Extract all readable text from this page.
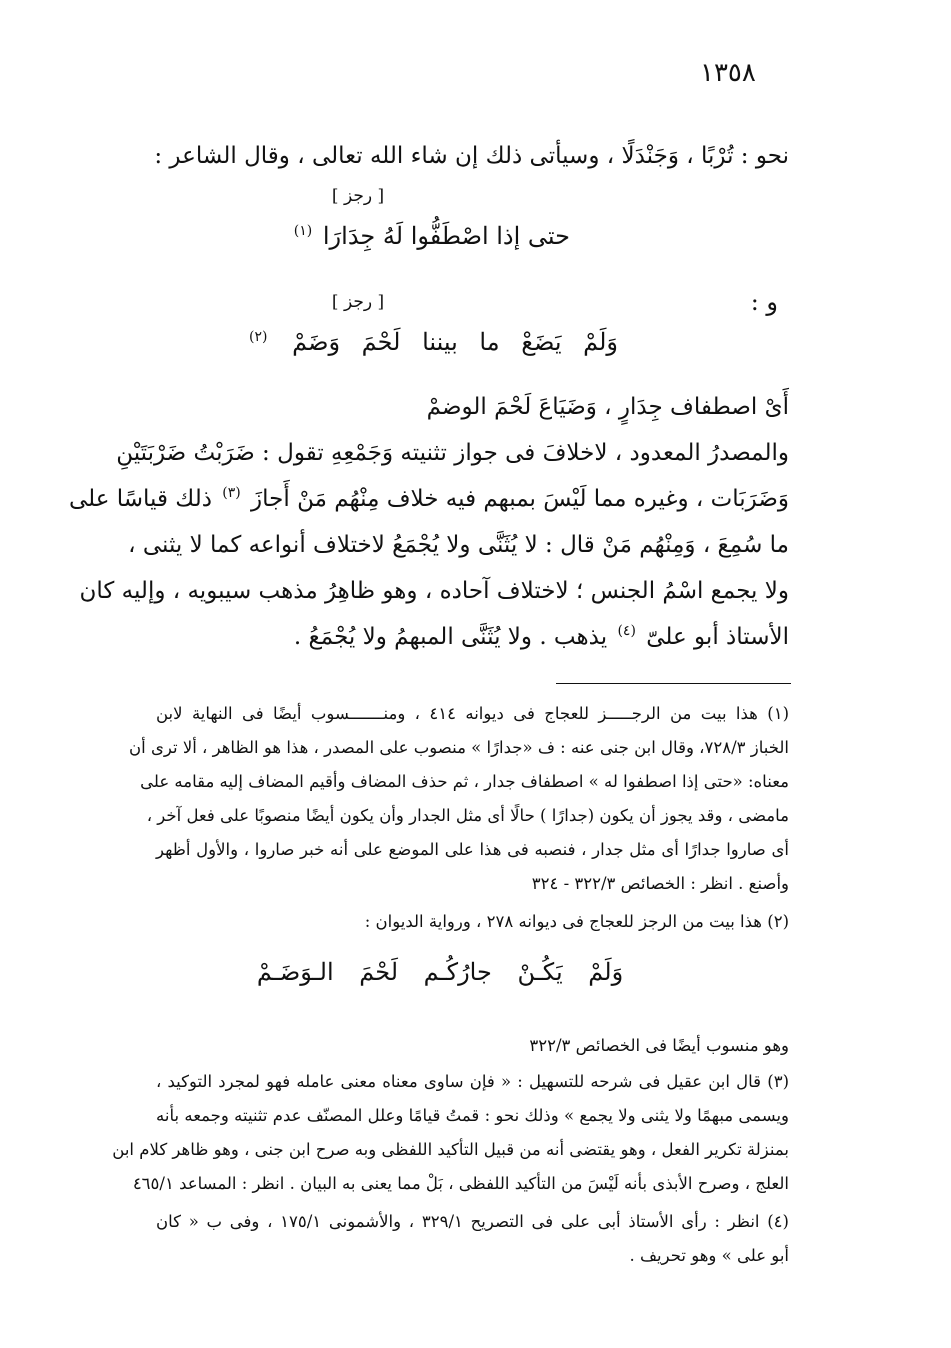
١٣٥٨
نحو : تُرْبًا ، وَجَنْدَلًا ، وسيأتى ذلك إن شاء الله تعالى ، وقال الشاعر :
[ رجز ]
حتى إذا اصْطَفُّوا لَهُ جِدَارَا $^{(١)}$
و :
[ رجز ]
وَلَمْ يَضَعْ ما بيننا لَحْمَ وَضَمْ $^{(٢)}$
أَىْ اصطفاف جِدَارٍ ، وَضَيَاعَ لَحْمَ الوضمْ
والمصدرُ المعدود ، لاخلافَ فى جواز تثنيته وَجَمْعِهِ تقول : ضَرَبْتُ ضَرْبَتَيْنِ
وَضَرَبَات ، وغيره مما لَيْسَ بمبهم فيه خلاف مِنْهُم مَنْ أَجازَ $^{(٣)}$ ذلك قياسًا على
ما سُمِعَ ، وَمِنْهُم مَنْ قال : لا يُثَنَّى ولا يُجْمَعُ لاختلاف أنواعه كما لا يثنى ،
ولا يجمع اسْمُ الجنس ؛ لاختلاف آحاده ، وهو ظاهِرُ مذهب سيبويه ، وإليه كان
الأستاذ أبو علىّ $^{(٤)}$ يذهب . ولا يُثَنَّى المبهمُ ولا يُجْمَعُ .
(١) هذا بيت من الرجـــــز للعجاج فى ديوانه ٤١٤ ، ومنـــــــسوب أيضًا فى النهاية لابن
الخباز ٧٢٨/٣، وقال ابن جنى عنه : ف «جدارًا » منصوب على المصدر ، هذا هو الظاهر ، ألا ترى أن
معناه: «حتى إذا اصطفوا له » اصطفاف جدار ، ثم حذف المضاف وأقيم المضاف إليه مقامه على
مامضى ، وقد يجوز أن يكون (جدارًا ) حالًا أى مثل الجدار وأن يكون أيضًا منصوبًا على فعل آخر ،
أى صاروا جدارًا أى مثل جدار ، فنصبه فى هذا على الموضع على أنه خبر صاروا ، والأول أظهر
وأصنع . انظر : الخصائص ٣٢٢/٣ - ٣٢٤
(٢) هذا بيت من الرجز للعجاج فى ديوانه ٢٧٨ ، ورواية الديوان :
وَلَمْ يَكُـنْ جارُكُـم لَحْمَ الـوَضَـمْ
وهو منسوب أيضًا فى الخصائص ٣٢٢/٣
(٣) قال ابن عقيل فى شرحه للتسهيل : « فإن ساوى معناه معنى عامله فهو لمجرد التوكيد ،
ويسمى مبهمًا ولا يثنى ولا يجمع » وذلك نحو : قمتُ قيامًا وعلل المصنّف عدم تثنيته وجمعه بأنه
بمنزلة تكرير الفعل ، وهو يقتضى أنه من قبيل التأكيد اللفظى وبه صرح ابن جنى ، وهو ظاهر كلام ابن
العلج ، وصرح الأبذى بأنه لَيْسَ من التأكيد اللفظى ، بَلْ مما يعنى به البيان . انظر : المساعد ٤٦٥/١
(٤) انظر : رأى الأستاذ أبى على فى التصريح ٣٢٩/١ ، والأشمونى ١٧٥/١ ، وفى ب « كان
أبو على » وهو تحريف .
